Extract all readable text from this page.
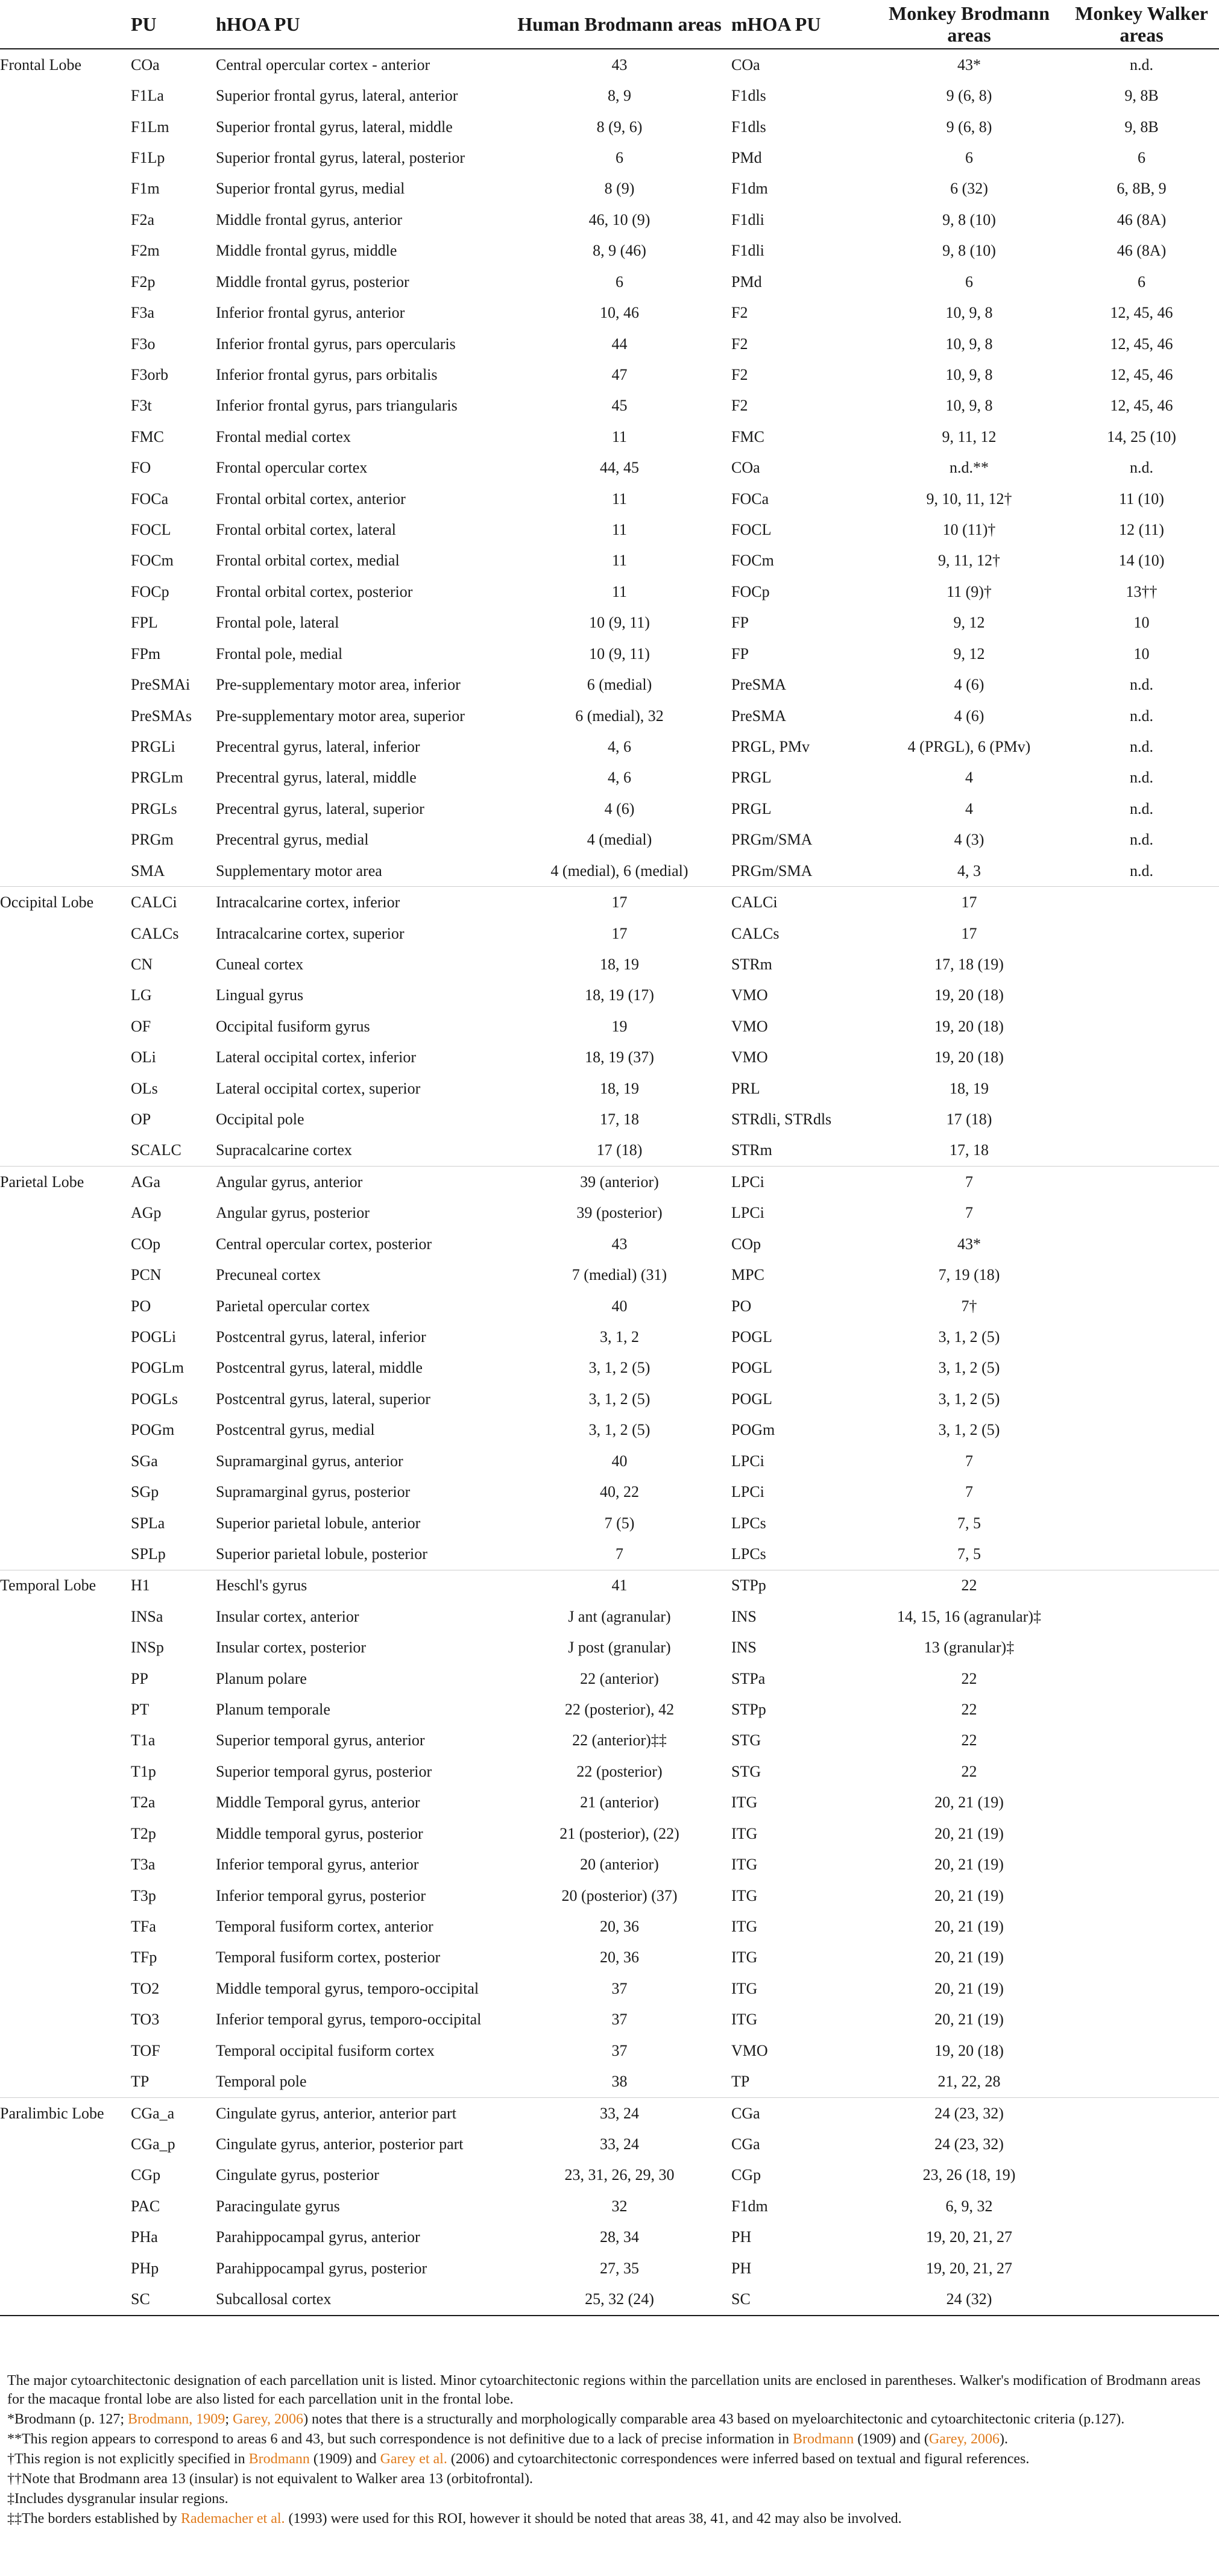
	PU	hHOA PU	Human Brodmann areas	mHOA PU	Monkey Brodmann areas	Monkey Walker areas
Frontal Lobe	COa	Central opercular cortex - anterior	43	COa	43*	n.d.
	F1La	Superior frontal gyrus, lateral, anterior	8, 9	F1dls	9 (6, 8)	9, 8B
	F1Lm	Superior frontal gyrus, lateral, middle	8 (9, 6)	F1dls	9 (6, 8)	9, 8B
	F1Lp	Superior frontal gyrus, lateral, posterior	6	PMd	6	6
	F1m	Superior frontal gyrus, medial	8 (9)	F1dm	6 (32)	6, 8B, 9
	F2a	Middle frontal gyrus, anterior	46, 10 (9)	F1dli	9, 8 (10)	46 (8A)
	F2m	Middle frontal gyrus, middle	8, 9 (46)	F1dli	9, 8 (10)	46 (8A)
	F2p	Middle frontal gyrus, posterior	6	PMd	6	6
	F3a	Inferior frontal gyrus, anterior	10, 46	F2	10, 9, 8	12, 45, 46
	F3o	Inferior frontal gyrus, pars opercularis	44	F2	10, 9, 8	12, 45, 46
	F3orb	Inferior frontal gyrus, pars orbitalis	47	F2	10, 9, 8	12, 45, 46
	F3t	Inferior frontal gyrus, pars triangularis	45	F2	10, 9, 8	12, 45, 46
	FMC	Frontal medial cortex	11	FMC	9, 11, 12	14, 25 (10)
	FO	Frontal opercular cortex	44, 45	COa	n.d.**	n.d.
	FOCa	Frontal orbital cortex, anterior	11	FOCa	9, 10, 11, 12†	11 (10)
	FOCL	Frontal orbital cortex, lateral	11	FOCL	10 (11)†	12 (11)
	FOCm	Frontal orbital cortex, medial	11	FOCm	9, 11, 12†	14 (10)
	FOCp	Frontal orbital cortex, posterior	11	FOCp	11 (9)†	13††
	FPL	Frontal pole, lateral	10 (9, 11)	FP	9, 12	10
	FPm	Frontal pole, medial	10 (9, 11)	FP	9, 12	10
	PreSMAi	Pre-supplementary motor area, inferior	6 (medial)	PreSMA	4 (6)	n.d.
	PreSMAs	Pre-supplementary motor area, superior	6 (medial), 32	PreSMA	4 (6)	n.d.
	PRGLi	Precentral gyrus, lateral, inferior	4, 6	PRGL, PMv	4 (PRGL), 6 (PMv)	n.d.
	PRGLm	Precentral gyrus, lateral, middle	4, 6	PRGL	4	n.d.
	PRGLs	Precentral gyrus, lateral, superior	4 (6)	PRGL	4	n.d.
	PRGm	Precentral gyrus, medial	4 (medial)	PRGm/SMA	4 (3)	n.d.
	SMA	Supplementary motor area	4 (medial), 6 (medial)	PRGm/SMA	4, 3	n.d.
Occipital Lobe	CALCi	Intracalcarine cortex, inferior	17	CALCi	17	
	CALCs	Intracalcarine cortex, superior	17	CALCs	17	
	CN	Cuneal cortex	18, 19	STRm	17, 18 (19)	
	LG	Lingual gyrus	18, 19 (17)	VMO	19, 20 (18)	
	OF	Occipital fusiform gyrus	19	VMO	19, 20 (18)	
	OLi	Lateral occipital cortex, inferior	18, 19 (37)	VMO	19, 20 (18)	
	OLs	Lateral occipital cortex, superior	18, 19	PRL	18, 19	
	OP	Occipital pole	17, 18	STRdli, STRdls	17 (18)	
	SCALC	Supracalcarine cortex	17 (18)	STRm	17, 18	
Parietal Lobe	AGa	Angular gyrus, anterior	39 (anterior)	LPCi	7	
	AGp	Angular gyrus, posterior	39 (posterior)	LPCi	7	
	COp	Central opercular cortex, posterior	43	COp	43*	
	PCN	Precuneal cortex	7 (medial) (31)	MPC	7, 19 (18)	
	PO	Parietal opercular cortex	40	PO	7†	
	POGLi	Postcentral gyrus, lateral, inferior	3, 1, 2	POGL	3, 1, 2 (5)	
	POGLm	Postcentral gyrus, lateral, middle	3, 1, 2 (5)	POGL	3, 1, 2 (5)	
	POGLs	Postcentral gyrus, lateral, superior	3, 1, 2 (5)	POGL	3, 1, 2 (5)	
	POGm	Postcentral gyrus, medial	3, 1, 2 (5)	POGm	3, 1, 2 (5)	
	SGa	Supramarginal gyrus, anterior	40	LPCi	7	
	SGp	Supramarginal gyrus, posterior	40, 22	LPCi	7	
	SPLa	Superior parietal lobule, anterior	7 (5)	LPCs	7, 5	
	SPLp	Superior parietal lobule, posterior	7	LPCs	7, 5	
Temporal Lobe	H1	Heschl's gyrus	41	STPp	22	
	INSa	Insular cortex, anterior	J ant (agranular)	INS	14, 15, 16 (agranular)‡	
	INSp	Insular cortex, posterior	J post (granular)	INS	13 (granular)‡	
	PP	Planum polare	22 (anterior)	STPa	22	
	PT	Planum temporale	22 (posterior), 42	STPp	22	
	T1a	Superior temporal gyrus, anterior	22 (anterior)‡‡	STG	22	
	T1p	Superior temporal gyrus, posterior	22 (posterior)	STG	22	
	T2a	Middle Temporal gyrus, anterior	21 (anterior)	ITG	20, 21 (19)	
	T2p	Middle temporal gyrus, posterior	21 (posterior), (22)	ITG	20, 21 (19)	
	T3a	Inferior temporal gyrus, anterior	20 (anterior)	ITG	20, 21 (19)	
	T3p	Inferior temporal gyrus, posterior	20 (posterior) (37)	ITG	20, 21 (19)	
	TFa	Temporal fusiform cortex, anterior	20, 36	ITG	20, 21 (19)	
	TFp	Temporal fusiform cortex, posterior	20, 36	ITG	20, 21 (19)	
	TO2	Middle temporal gyrus, temporo-occipital	37	ITG	20, 21 (19)	
	TO3	Inferior temporal gyrus, temporo-occipital	37	ITG	20, 21 (19)	
	TOF	Temporal occipital fusiform cortex	37	VMO	19, 20 (18)	
	TP	Temporal pole	38	TP	21, 22, 28	
Paralimbic Lobe	CGa_a	Cingulate gyrus, anterior, anterior part	33, 24	CGa	24 (23, 32)	
	CGa_p	Cingulate gyrus, anterior, posterior part	33, 24	CGa	24 (23, 32)	
	CGp	Cingulate gyrus, posterior	23, 31, 26, 29, 30	CGp	23, 26 (18, 19)	
	PAC	Paracingulate gyrus	32	F1dm	6, 9, 32	
	PHa	Parahippocampal gyrus, anterior	28, 34	PH	19, 20, 21, 27	
	PHp	Parahippocampal gyrus, posterior	27, 35	PH	19, 20, 21, 27	
	SC	Subcallosal cortex	25, 32 (24)	SC	24 (32)	

The major cytoarchitectonic designation of each parcellation unit is listed. Minor cytoarchitectonic regions within the parcellation units are enclosed in parentheses. Walker's modification of Brodmann areas for the macaque frontal lobe are also listed for each parcellation unit in the frontal lobe.

*Brodmann (p. 127; Brodmann, 1909; Garey, 2006) notes that there is a structurally and morphologically comparable area 43 based on myeloarchitectonic and cytoarchitectonic criteria (p.127).

**This region appears to correspond to areas 6 and 43, but such correspondence is not definitive due to a lack of precise information in Brodmann (1909) and (Garey, 2006).

†This region is not explicitly specified in Brodmann (1909) and Garey et al. (2006) and cytoarchitectonic correspondences were inferred based on textual and figural references.

††Note that Brodmann area 13 (insular) is not equivalent to Walker area 13 (orbitofrontal).

‡Includes dysgranular insular regions.

‡‡The borders established by Rademacher et al. (1993) were used for this ROI, however it should be noted that areas 38, 41, and 42 may also be involved.
